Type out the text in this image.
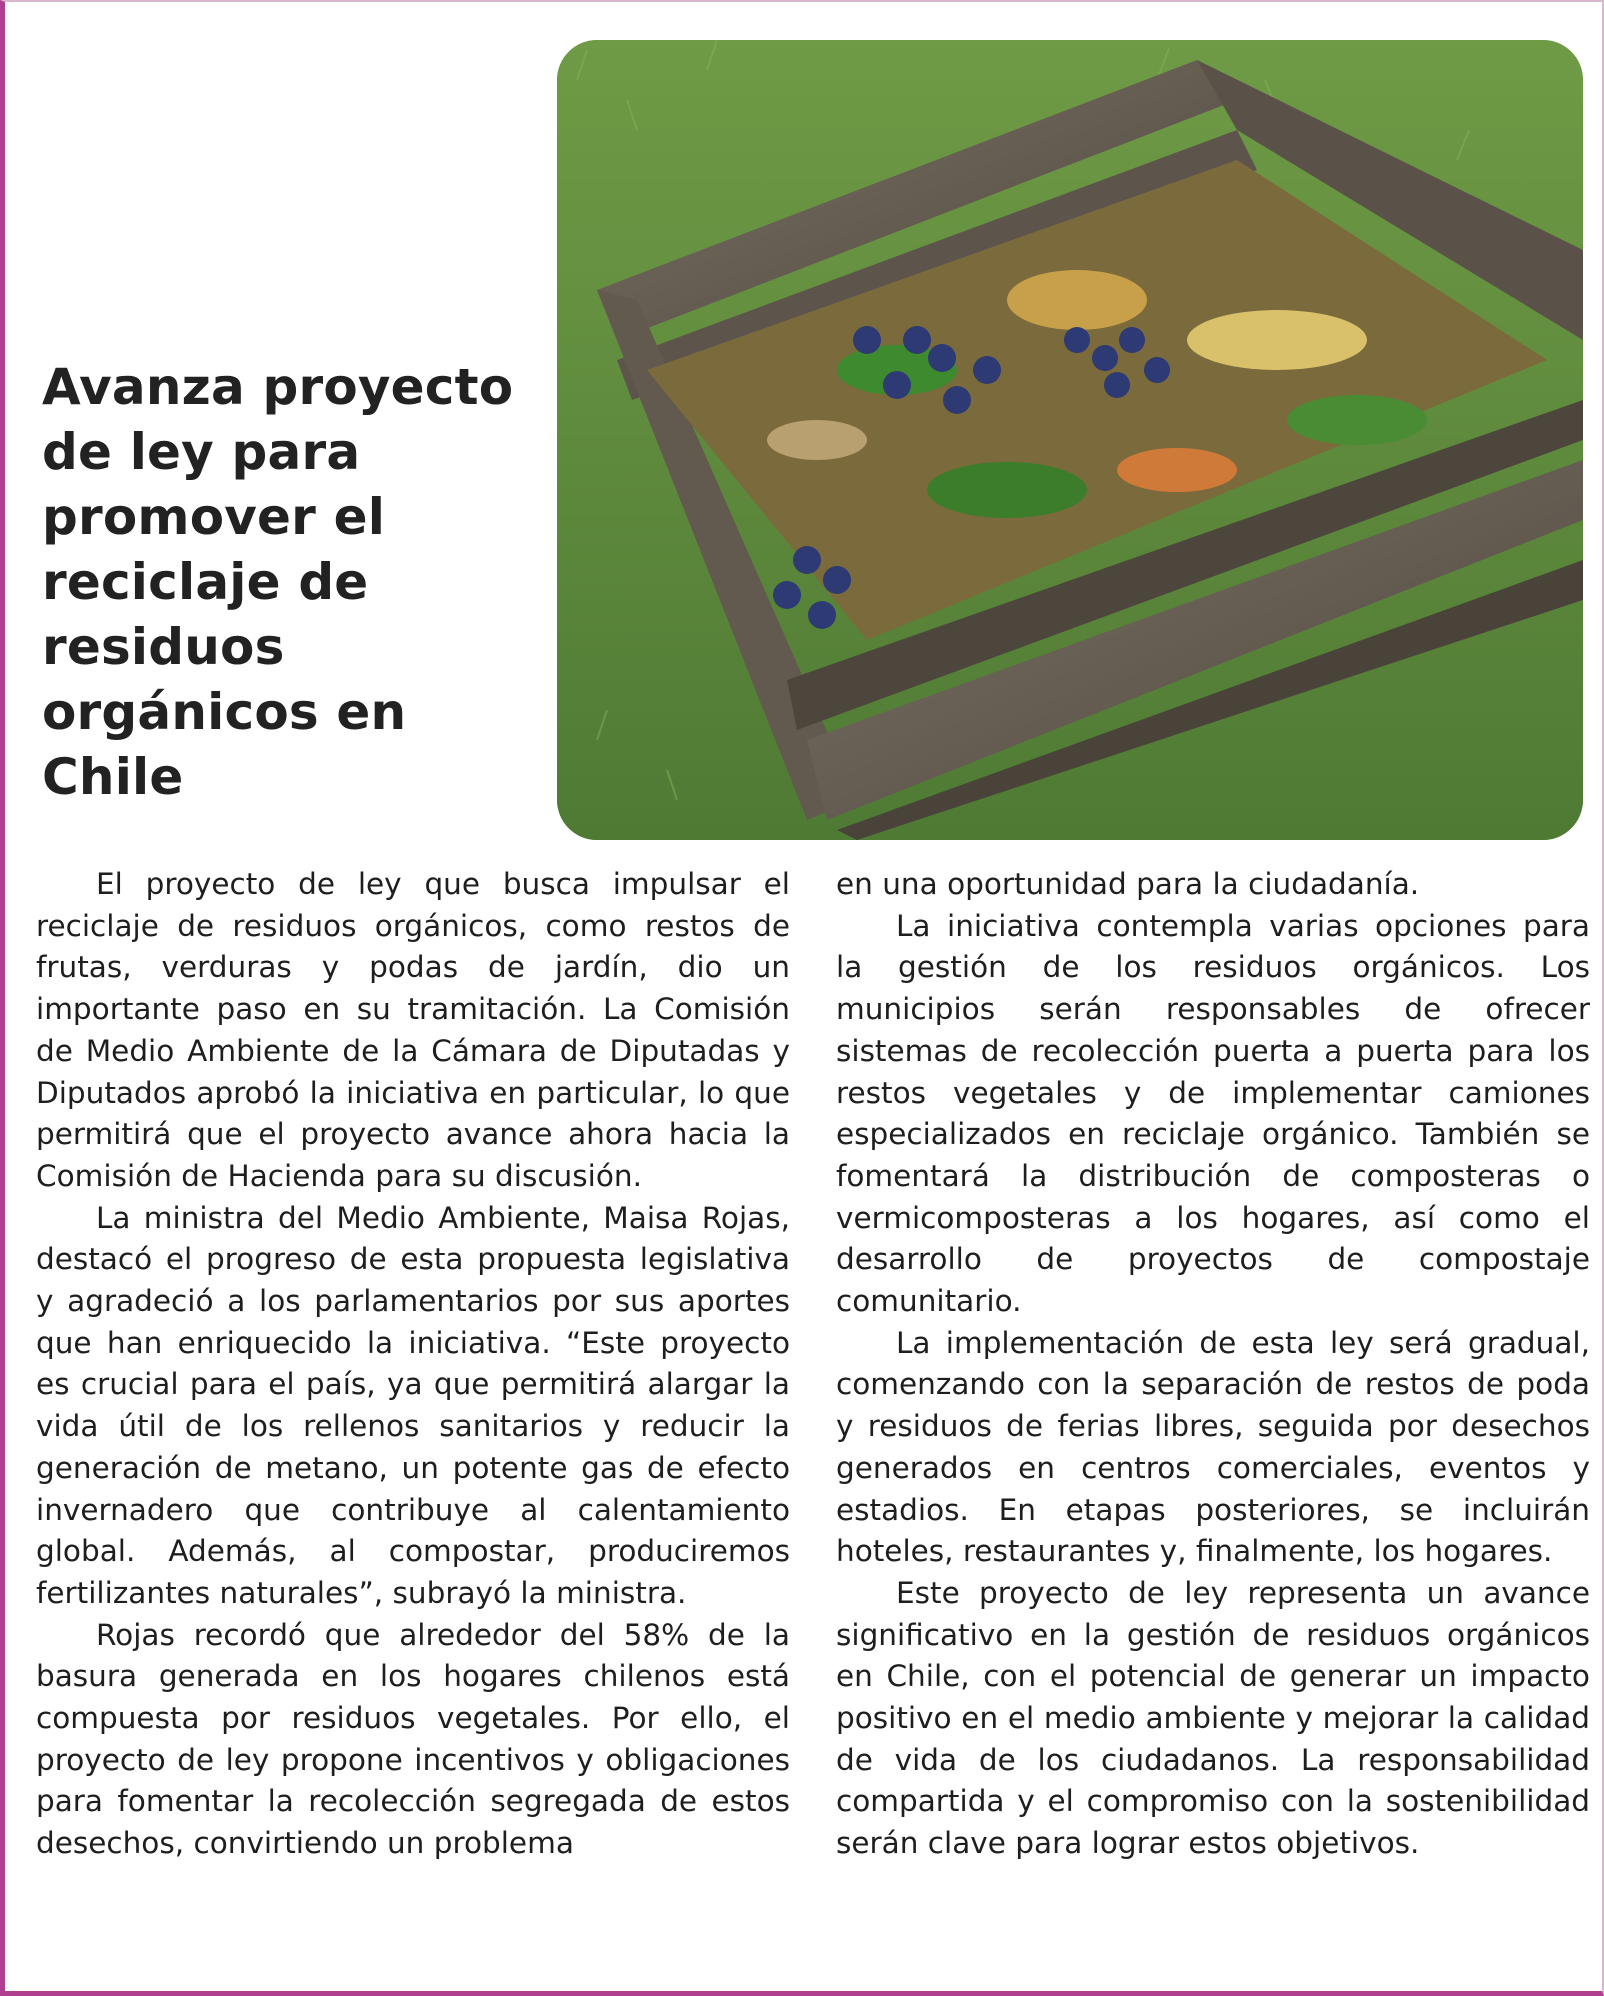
Avanza proyecto de ley para promover el reciclaje de residuos orgánicos en Chile

El proyecto de ley que busca impulsar el reciclaje de residuos orgánicos, como restos de frutas, verduras y podas de jardín, dio un importante paso en su tramitación. La Comisión de Medio Ambiente de la Cámara de Diputadas y Diputados aprobó la iniciativa en particular, lo que permitirá que el proyecto avance ahora hacia la Comisión de Hacienda para su discusión.

La ministra del Medio Ambiente, Maisa Rojas, destacó el progreso de esta propuesta legislativa y agradeció a los parlamentarios por sus aportes que han enriquecido la iniciativa. “Este proyecto es crucial para el país, ya que permitirá alargar la vida útil de los rellenos sanitarios y reducir la generación de metano, un potente gas de efecto invernadero que contribuye al calentamiento global. Además, al compostar, produciremos fertilizantes naturales”, subrayó la ministra.

Rojas recordó que alrededor del 58% de la basura generada en los hogares chilenos está compuesta por residuos vegetales. Por ello, el proyecto de ley propone incentivos y obligaciones para fomentar la recolección segregada de estos desechos, convirtiendo un problema

en una oportunidad para la ciudadanía.

La iniciativa contempla varias opciones para la gestión de los residuos orgánicos. Los municipios serán responsables de ofrecer sistemas de recolección puerta a puerta para los restos vegetales y de implementar camiones especializados en reciclaje orgánico. También se fomentará la distribución de composteras o vermicomposteras a los hogares, así como el desarrollo de proyectos de compostaje comunitario.

La implementación de esta ley será gradual, comenzando con la separación de restos de poda y residuos de ferias libres, seguida por desechos generados en centros comerciales, eventos y estadios. En etapas posteriores, se incluirán hoteles, restaurantes y, finalmente, los hogares.

Este proyecto de ley representa un avance significativo en la gestión de residuos orgánicos en Chile, con el potencial de generar un impacto positivo en el medio ambiente y mejorar la calidad de vida de los ciudadanos. La responsabilidad compartida y el compromiso con la sostenibilidad serán clave para lograr estos objetivos.
